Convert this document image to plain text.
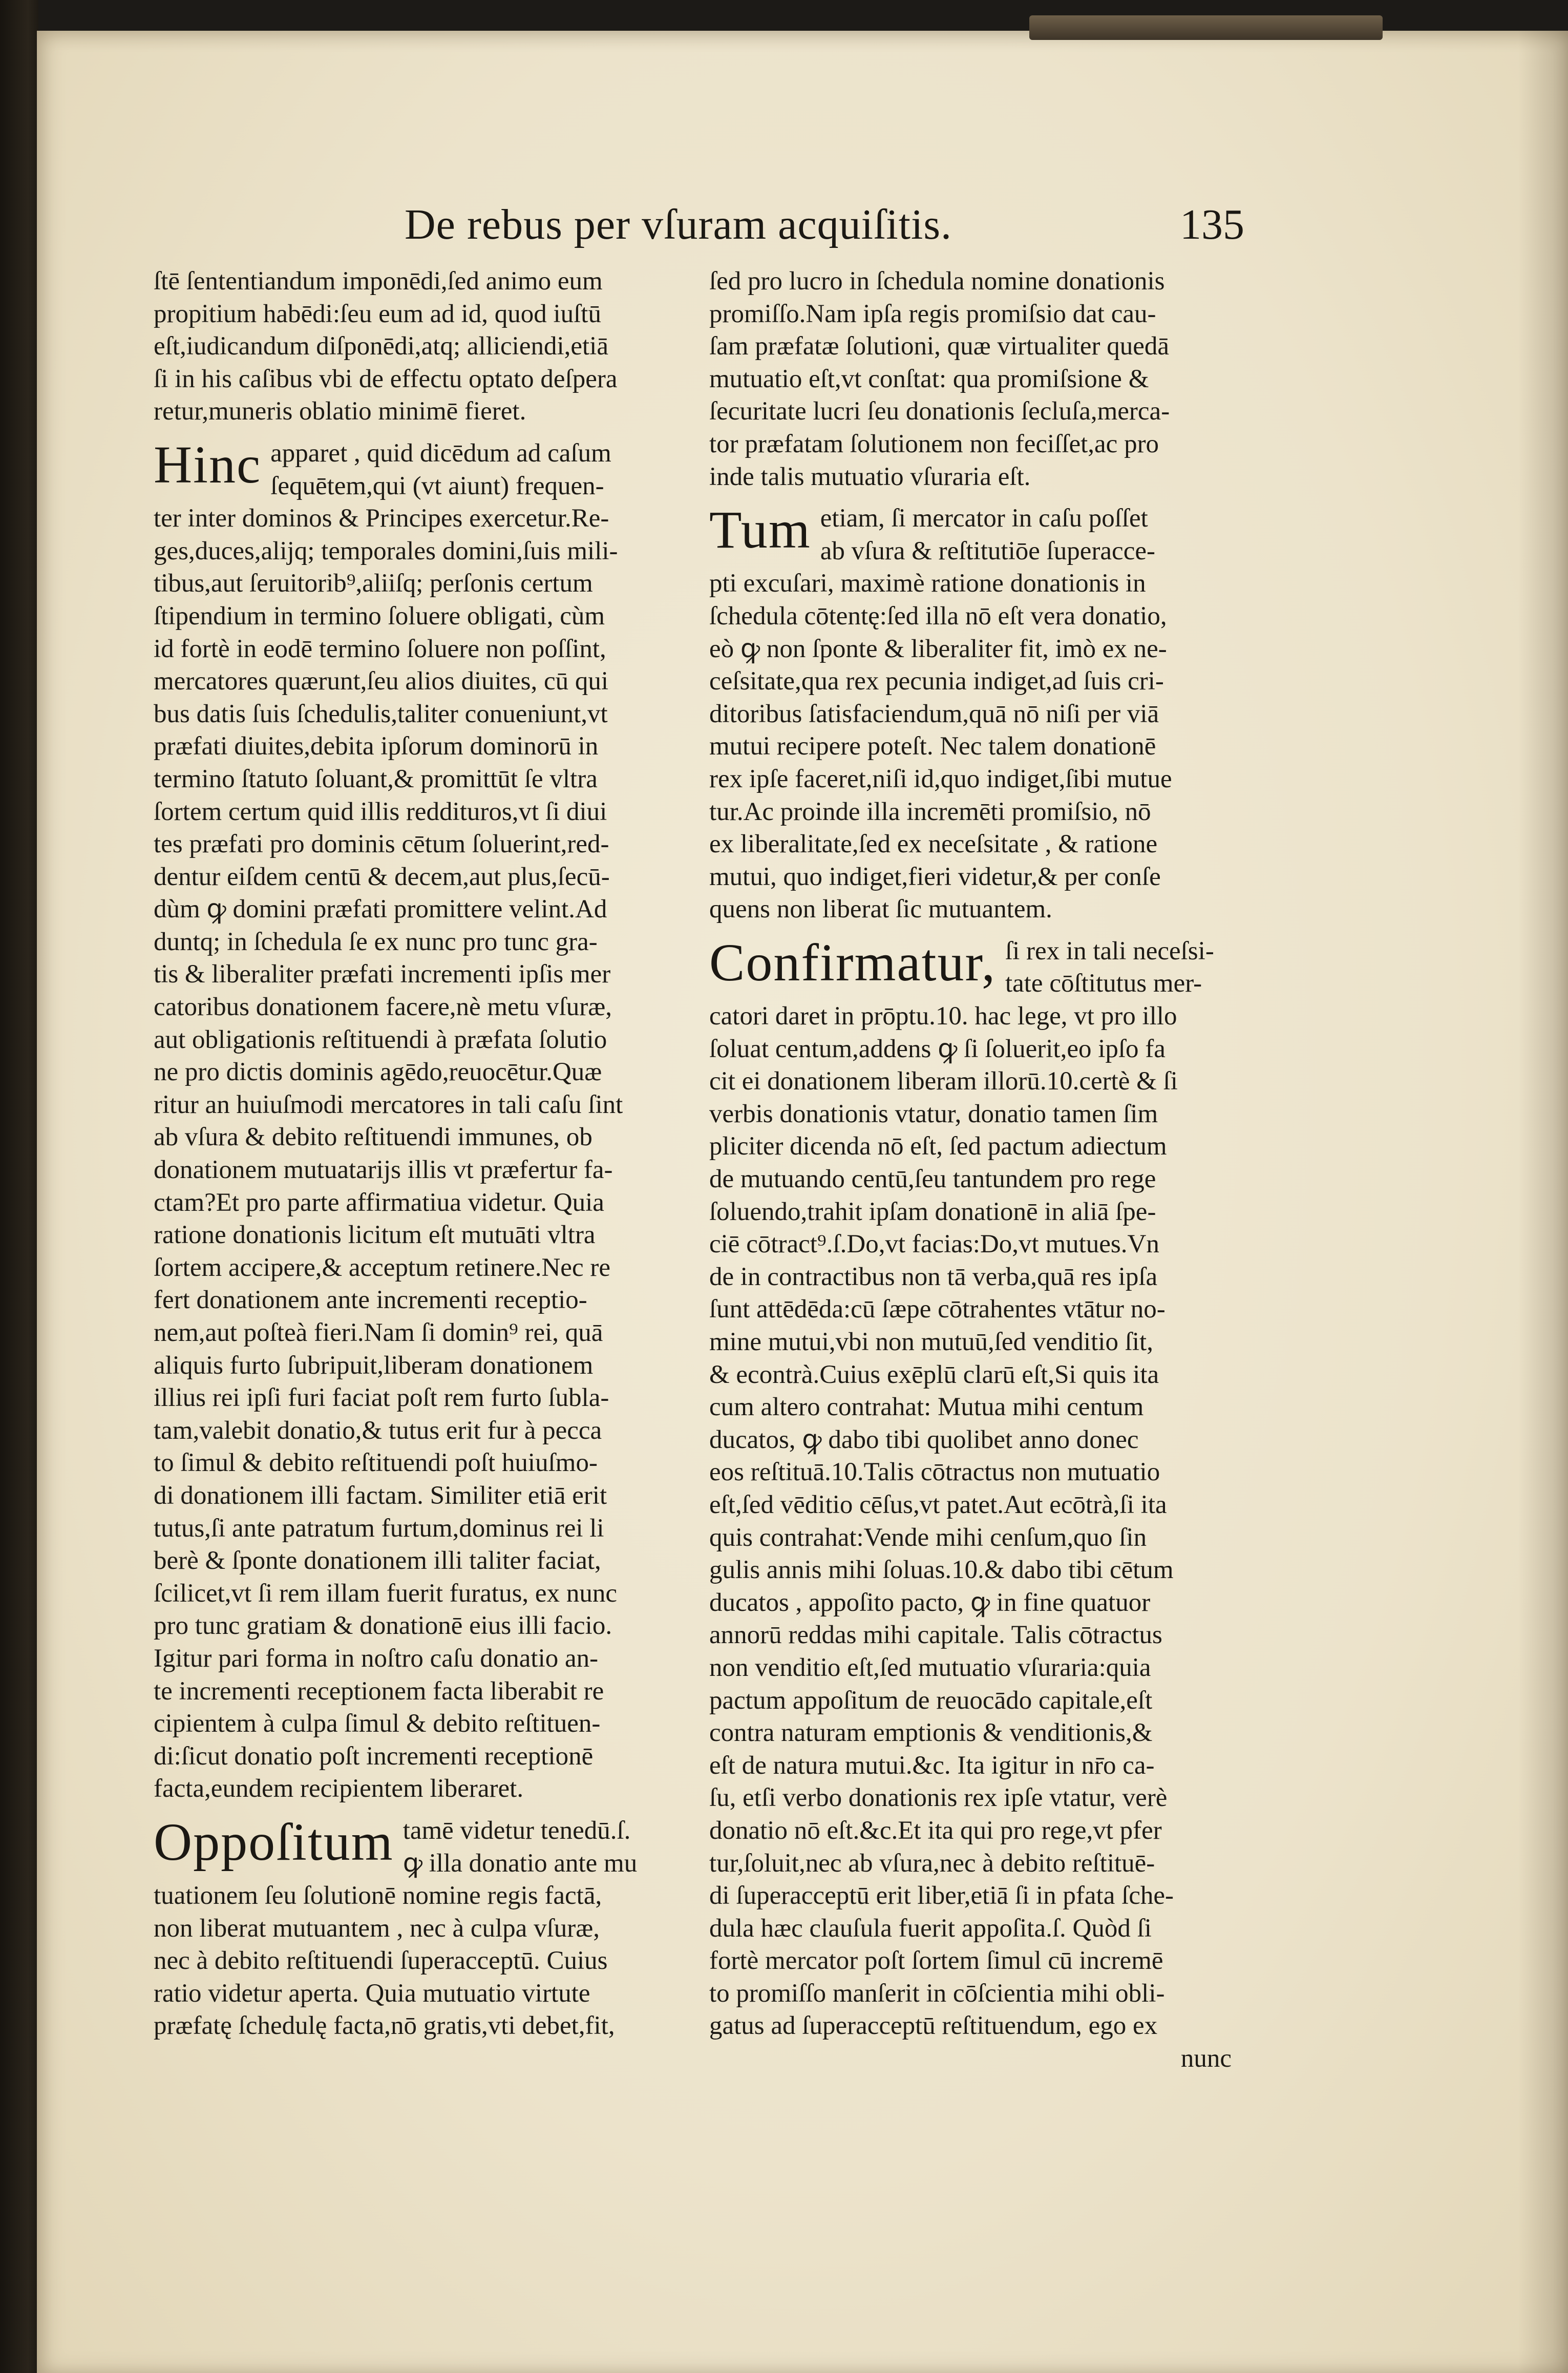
De rebus per vſuram acquiſitis.	135

ſtē ſententiandum imponēdi,ſed animo eum
propitium habēdi:ſeu eum ad id, quod iuſtū
eſt,iudicandum diſponēdi,atq; alliciendi,etiā
ſi in his caſibus vbi de effectu optato deſpera
retur,muneris oblatio minimē fieret.

Hinc apparet , quid dicēdum ad caſum
ſequētem,qui (vt aiunt) frequen-
ter inter dominos & Principes exercetur.Re-
ges,duces,alijq; temporales domini,ſuis mili-
tibus,aut ſeruitorib⁹,aliiſq; perſonis certum
ſtipendium in termino ſoluere obligati, cùm
id fortè in eodē termino ſoluere non poſſint,
mercatores quærunt,ſeu alios diuites, cū qui
bus datis ſuis ſchedulis,taliter conueniunt,vt
præfati diuites,debita ipſorum dominorū in
termino ſtatuto ſoluant,& promittūt ſe vltra
ſortem certum quid illis reddituros,vt ſi diui
tes præfati pro dominis cētum ſoluerint,red-
dentur eiſdem centū & decem,aut plus,ſecū-
dùm ꝙ domini præfati promittere velint.Ad
duntq; in ſchedula ſe ex nunc pro tunc gra-
tis & liberaliter præfati incrementi ipſis mer
catoribus donationem facere,nè metu vſuræ,
aut obligationis reſtituendi à præfata ſolutio
ne pro dictis dominis agēdo,reuocētur.Quæ
ritur an huiuſmodi mercatores in tali caſu ſint
ab vſura & debito reſtituendi immunes, ob
donationem mutuatarijs illis vt præfertur fa-
ctam?Et pro parte affirmatiua videtur. Quia
ratione donationis licitum eſt mutuāti vltra
ſortem accipere,& acceptum retinere.Nec re
fert donationem ante incrementi receptio-
nem,aut poſteà fieri.Nam ſi domin⁹ rei, quā
aliquis furto ſubripuit,liberam donationem
illius rei ipſi furi faciat poſt rem furto ſubla-
tam,valebit donatio,& tutus erit fur à pecca
to ſimul & debito reſtituendi poſt huiuſmo-
di donationem illi factam. Similiter etiā erit
tutus,ſi ante patratum furtum,dominus rei li
berè & ſponte donationem illi taliter faciat,
ſcilicet,vt ſi rem illam fuerit furatus, ex nunc
pro tunc gratiam & donationē eius illi facio.
Igitur pari forma in noſtro caſu donatio an-
te incrementi receptionem facta liberabit re
cipientem à culpa ſimul & debito reſtituen-
di:ſicut donatio poſt incrementi receptionē
facta,eundem recipientem liberaret.

Oppoſitum tamē videtur tenedū.ſ.
ꝙ illa donatio ante mu
tuationem ſeu ſolutionē nomine regis factā,
non liberat mutuantem , nec à culpa vſuræ,
nec à debito reſtituendi ſuperacceptū. Cuius
ratio videtur aperta. Quia mutuatio virtute
præfatę ſchedulę facta,nō gratis,vti debet,fit,

ſed pro lucro in ſchedula nomine donationis
promiſſo.Nam ipſa regis promiſsio dat cau-
ſam præfatæ ſolutioni, quæ virtualiter quedā
mutuatio eſt,vt conſtat: qua promiſsione &
ſecuritate lucri ſeu donationis ſecluſa,merca-
tor præfatam ſolutionem non feciſſet,ac pro
inde talis mutuatio vſuraria eſt.

Tum etiam, ſi mercator in caſu poſſet
ab vſura & reſtitutiōe ſuperacce-
pti excuſari, maximè ratione donationis in
ſchedula cōtentę:ſed illa nō eſt vera donatio,
eò ꝙ non ſponte & liberaliter fit, imò ex ne-
ceſsitate,qua rex pecunia indiget,ad ſuis cri-
ditoribus ſatisfaciendum,quā nō niſi per viā
mutui recipere poteſt. Nec talem donationē
rex ipſe faceret,niſi id,quo indiget,ſibi mutue
tur.Ac proinde illa incremēti promiſsio, nō
ex liberalitate,ſed ex neceſsitate , & ratione
mutui, quo indiget,fieri videtur,& per conſe
quens non liberat ſic mutuantem.

Confirmatur, ſi rex in tali neceſsi-
tate cōſtitutus mer-
catori daret in prōptu.10. hac lege, vt pro illo
ſoluat centum,addens ꝙ ſi ſoluerit,eo ipſo fa
cit ei donationem liberam illorū.10.certè & ſi
verbis donationis vtatur, donatio tamen ſim
pliciter dicenda nō eſt, ſed pactum adiectum
de mutuando centū,ſeu tantundem pro rege
ſoluendo,trahit ipſam donationē in aliā ſpe-
ciē cōtract⁹.ſ.Do,vt facias:Do,vt mutues.Vn
de in contractibus non tā verba,quā res ipſa
ſunt attēdēda:cū ſæpe cōtrahentes vtātur no-
mine mutui,vbi non mutuū,ſed venditio ſit,
& econtrà.Cuius exēplū clarū eſt,Si quis ita
cum altero contrahat: Mutua mihi centum
ducatos, ꝙ dabo tibi quolibet anno donec
eos reſtituā.10.Talis cōtractus non mutuatio
eſt,ſed vēditio cēſus,vt patet.Aut ecōtrà,ſi ita
quis contrahat:Vende mihi cenſum,quo ſin
gulis annis mihi ſoluas.10.& dabo tibi cētum
ducatos , appoſito pacto, ꝙ in fine quatuor
annorū reddas mihi capitale. Talis cōtractus
non venditio eſt,ſed mutuatio vſuraria:quia
pactum appoſitum de reuocādo capitale,eſt
contra naturam emptionis & venditionis,&
eſt de natura mutui.&c. Ita igitur in nr̄o ca-
ſu, etſi verbo donationis rex ipſe vtatur, verè
donatio nō eſt.&c.Et ita qui pro rege,vt pfer
tur,ſoluit,nec ab vſura,nec à debito reſtituē-
di ſuperacceptū erit liber,etiā ſi in pfata ſche-
dula hæc clauſula fuerit appoſita.ſ. Quòd ſi
fortè mercator poſt ſortem ſimul cū incremē
to promiſſo manſerit in cōſcientia mihi obli-
gatus ad ſuperacceptū reſtituendum, ego ex

nunc
